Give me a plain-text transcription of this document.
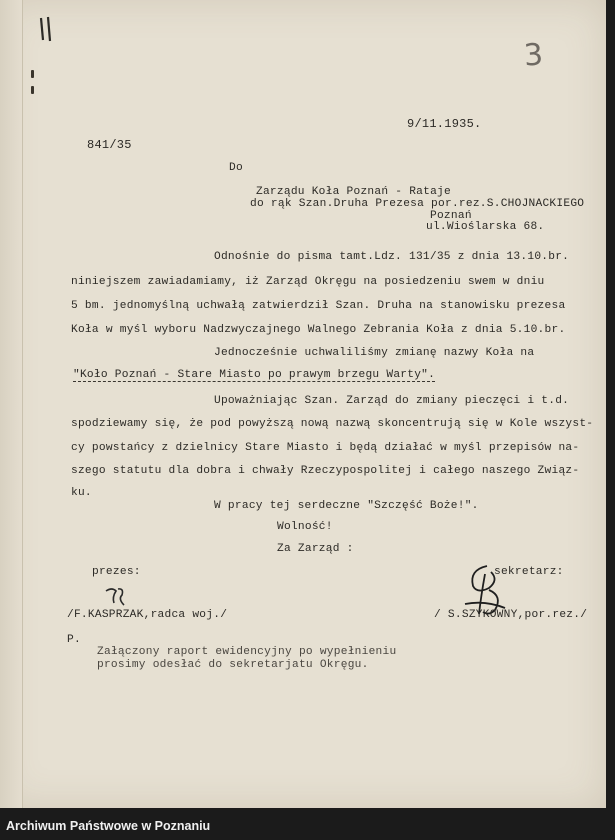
3
9/11.1935.
841/35
Do
Zarządu Koła Poznań - Rataje
do rąk Szan.Druha Prezesa por.rez.S.CHOJNACKIEGO
Poznań
ul.Wioślarska 68.
Odnośnie do pisma tamt.Ldz. 131/35 z dnia 13.10.br.
niniejszem zawiadamiamy, iż Zarząd Okręgu na posiedzeniu swem w dniu
5 bm. jednomyślną uchwałą zatwierdził Szan. Druha na stanowisku prezesa
Koła w myśl wyboru Nadzwyczajnego Walnego Zebrania Koła z dnia 5.10.br.
Jednocześnie uchwaliliśmy zmianę nazwy Koła na
"Koło Poznań - Stare Miasto po prawym brzegu Warty".
Upoważniając Szan. Zarząd do zmiany pieczęci i t.d.
spodziewamy się, że pod powyższą nową nazwą skoncentrują się w Kole wszyst-
cy powstańcy z dzielnicy Stare Miasto i będą działać w myśl przepisów na-
szego statutu dla dobra i chwały Rzeczypospolitej i całego naszego Związ-
ku.
W pracy tej serdeczne "Szczęść Boże!".
Wolność!
Za Zarząd :
prezes:	sekretarz:
/F.KASPRZAK,radca woj./	/ S.SZYKOWNY,por.rez./
P.
Załączony raport ewidencyjny po wypełnieniu
prosimy odesłać do sekretarjatu Okręgu.
Archiwum Państwowe w Poznaniu
